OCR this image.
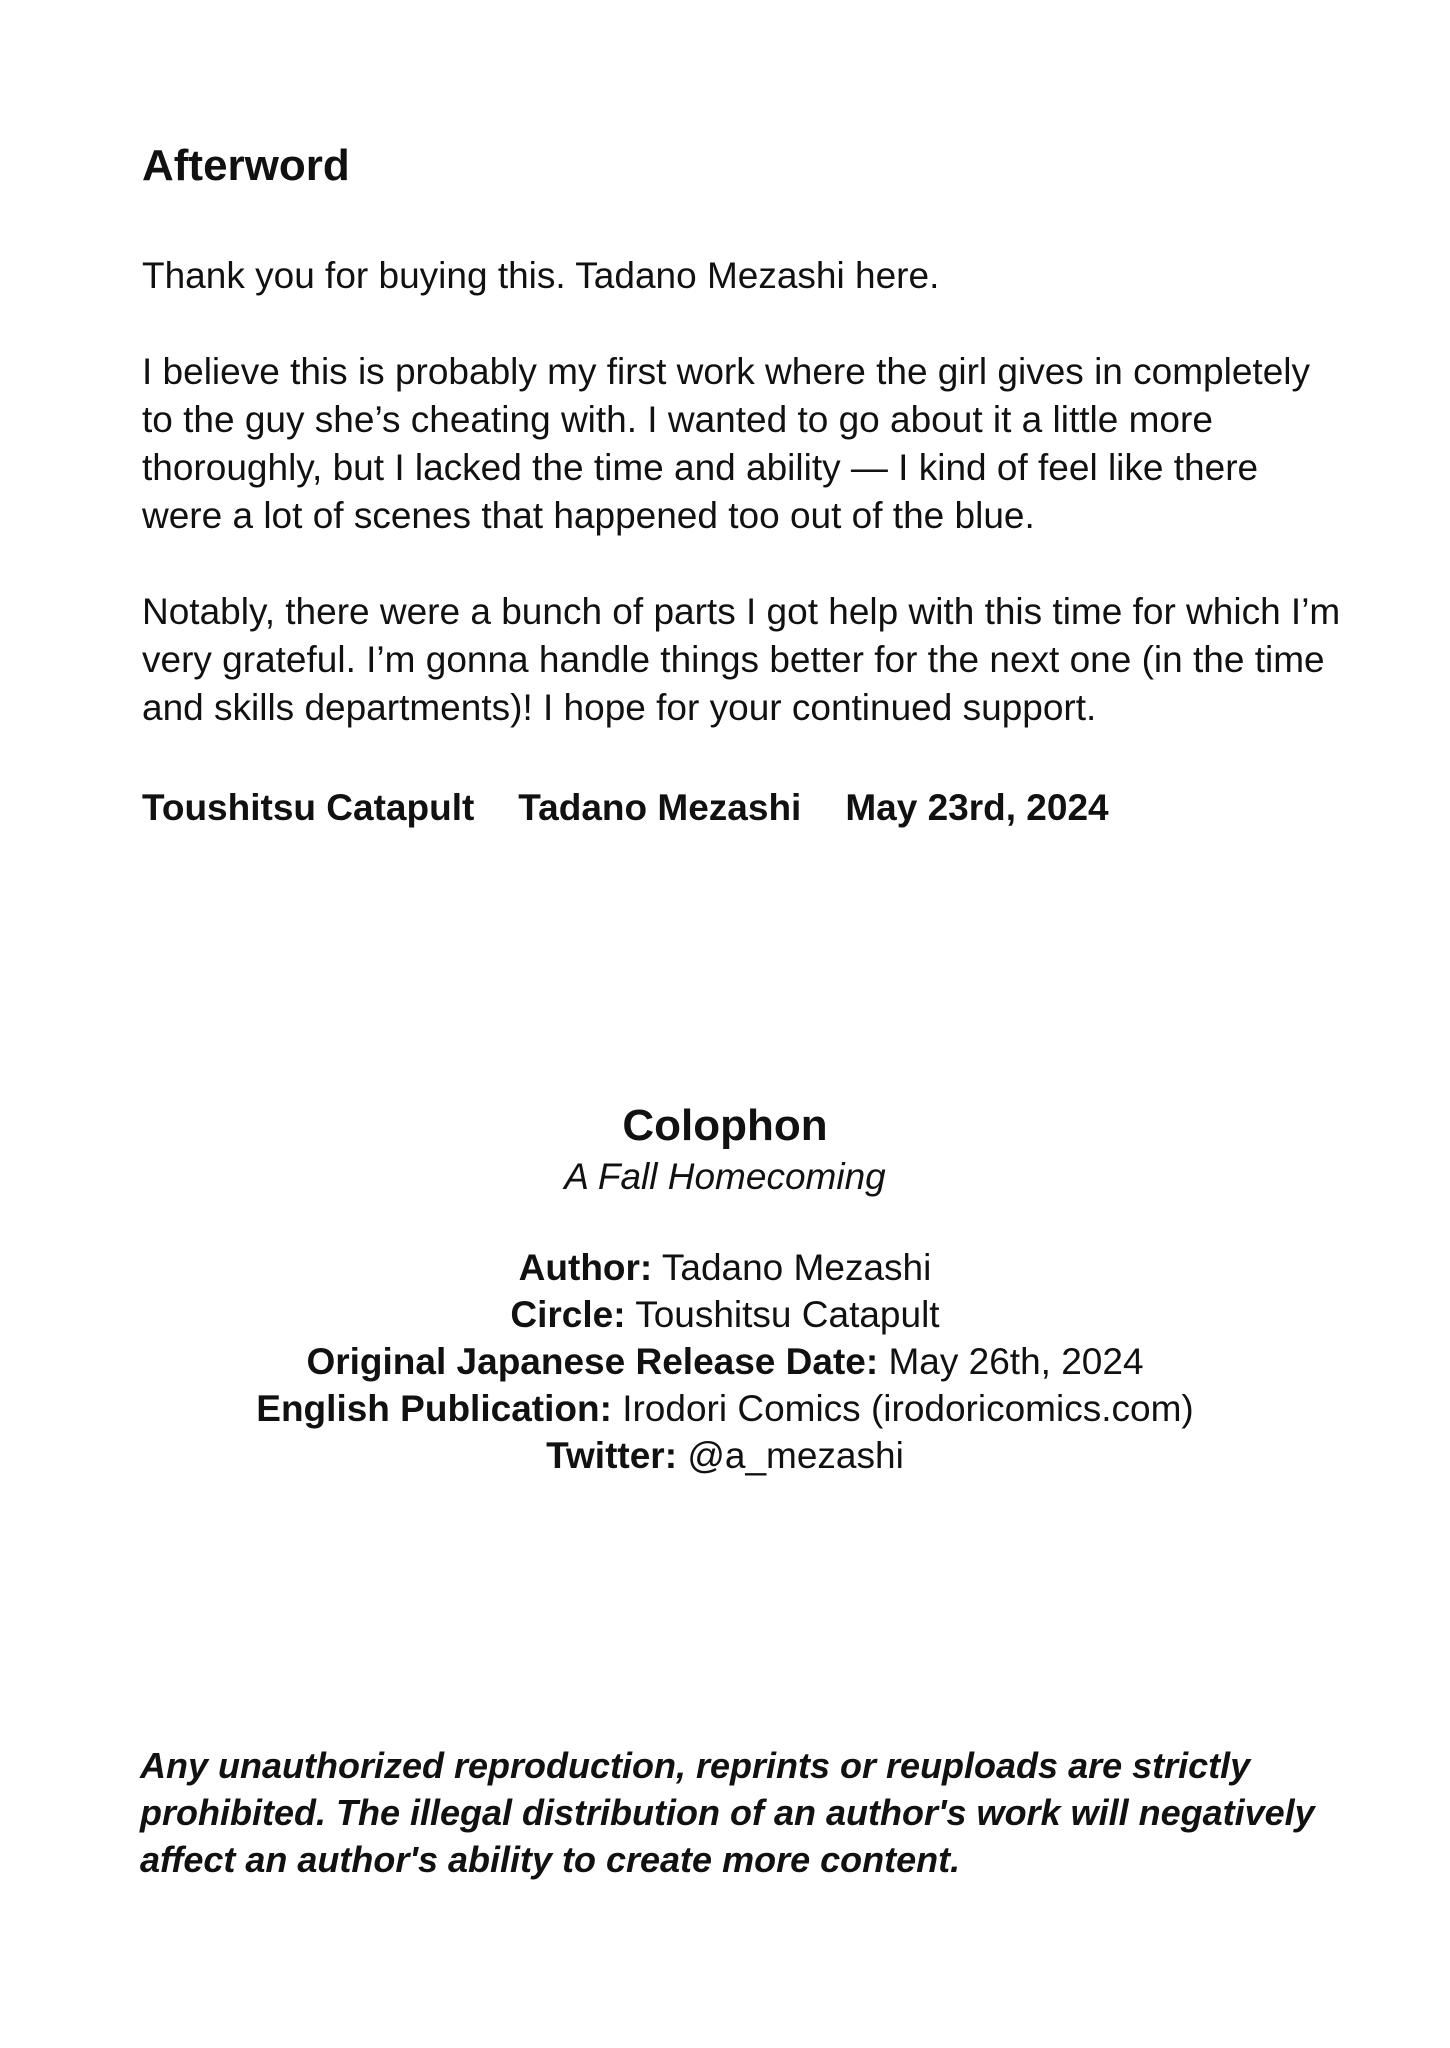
Afterword

Thank you for buying this. Tadano Mezashi here.

I believe this is probably my first work where the girl gives in completely to the guy she’s cheating with. I wanted to go about it a little more thoroughly, but I lacked the time and ability — I kind of feel like there were a lot of scenes that happened too out of the blue.

Notably, there were a bunch of parts I got help with this time for which I’m very grateful. I’m gonna handle things better for the next one (in the time and skills departments)! I hope for your continued support.

Toushitsu Catapult Tadano Mezashi May 23rd, 2024
Colophon

A Fall Homecoming

Author: Tadano Mezashi

Circle: Toushitsu Catapult

Original Japanese Release Date: May 26th, 2024

English Publication: Irodori Comics (irodoricomics.com)

Twitter: @a_mezashi

Any unauthorized reproduction, reprints or reuploads are strictly prohibited. The illegal distribution of an author's work will negatively affect an author's ability to create more content.
